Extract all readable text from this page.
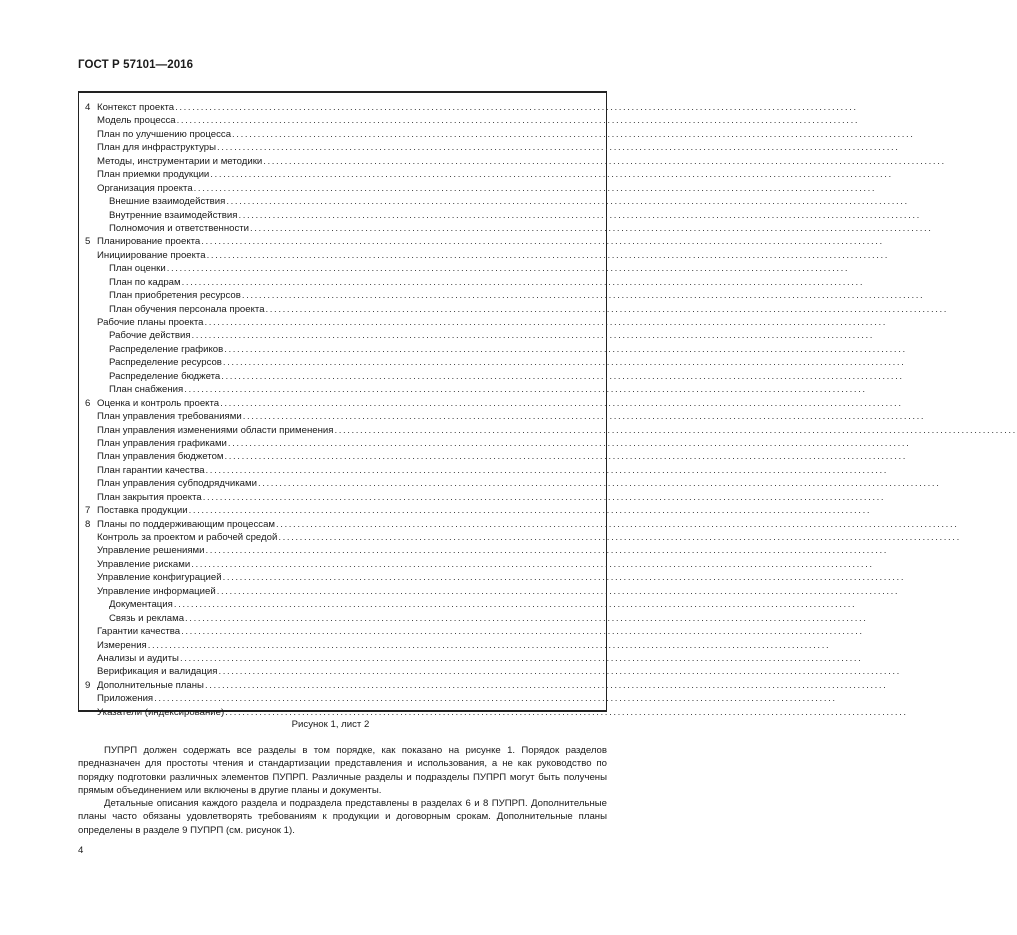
ГОСТ Р 57101—2016
4 Контекст проекта ................................................................................................................................................................
Модель процесса ................................................................................................................................................................
План по улучшению процесса ................................................................................................................................................................
План для инфраструктуры ................................................................................................................................................................
Методы, инструментарии и методики ................................................................................................................................................................
План приемки продукции ................................................................................................................................................................
Организация проекта ................................................................................................................................................................
Внешние взаимодействия ................................................................................................................................................................
Внутренние взаимодействия ................................................................................................................................................................
Полномочия и ответственности ................................................................................................................................................................
5 Планирование проекта ................................................................................................................................................................
Инициирование проекта ................................................................................................................................................................
План оценки ................................................................................................................................................................
План по кадрам ................................................................................................................................................................
План приобретения ресурсов ................................................................................................................................................................
План обучения персонала проекта ................................................................................................................................................................
Рабочие планы проекта ................................................................................................................................................................
Рабочие действия ................................................................................................................................................................
Распределение графиков ................................................................................................................................................................
Распределение ресурсов ................................................................................................................................................................
Распределение бюджета ................................................................................................................................................................
План снабжения ................................................................................................................................................................
6 Оценка и контроль проекта ................................................................................................................................................................
План управления требованиями ................................................................................................................................................................
План управления изменениями области применения ................................................................................................................................................................
План управления графиками ................................................................................................................................................................
План управления бюджетом ................................................................................................................................................................
План гарантии качества ................................................................................................................................................................
План управления субподрядчиками ................................................................................................................................................................
План закрытия проекта ................................................................................................................................................................
7 Поставка продукции ................................................................................................................................................................
8 Планы по поддерживающим процессам ................................................................................................................................................................
Контроль за проектом и рабочей средой ................................................................................................................................................................
Управление решениями ................................................................................................................................................................
Управление рисками ................................................................................................................................................................
Управление конфигурацией ................................................................................................................................................................
Управление информацией ................................................................................................................................................................
Документация ................................................................................................................................................................
Связь и реклама ................................................................................................................................................................
Гарантии качества ................................................................................................................................................................
Измерения ................................................................................................................................................................
Анализы и аудиты ................................................................................................................................................................
Верификация и валидация ................................................................................................................................................................
9 Дополнительные планы ................................................................................................................................................................
Приложения ................................................................................................................................................................
Указатели (индексирование) ................................................................................................................................................................
Рисунок 1, лист 2

ПУПРП должен содержать все разделы в том порядке, как показано на рисунке 1. Порядок разделов предназначен для простоты чтения и стандартизации представления и использования, а не как руководство по порядку подготовки различных элементов ПУПРП. Различные разделы и подразделы ПУПРП могут быть получены прямым объединением или включены в другие планы и документы.

Детальные описания каждого раздела и подраздела представлены в разделах 6 и 8 ПУПРП. Дополнительные планы часто обязаны удовлетворять требованиям к продукции и договорным срокам. Дополнительные планы определены в разделе 9 ПУПРП (см. рисунок 1).

4
